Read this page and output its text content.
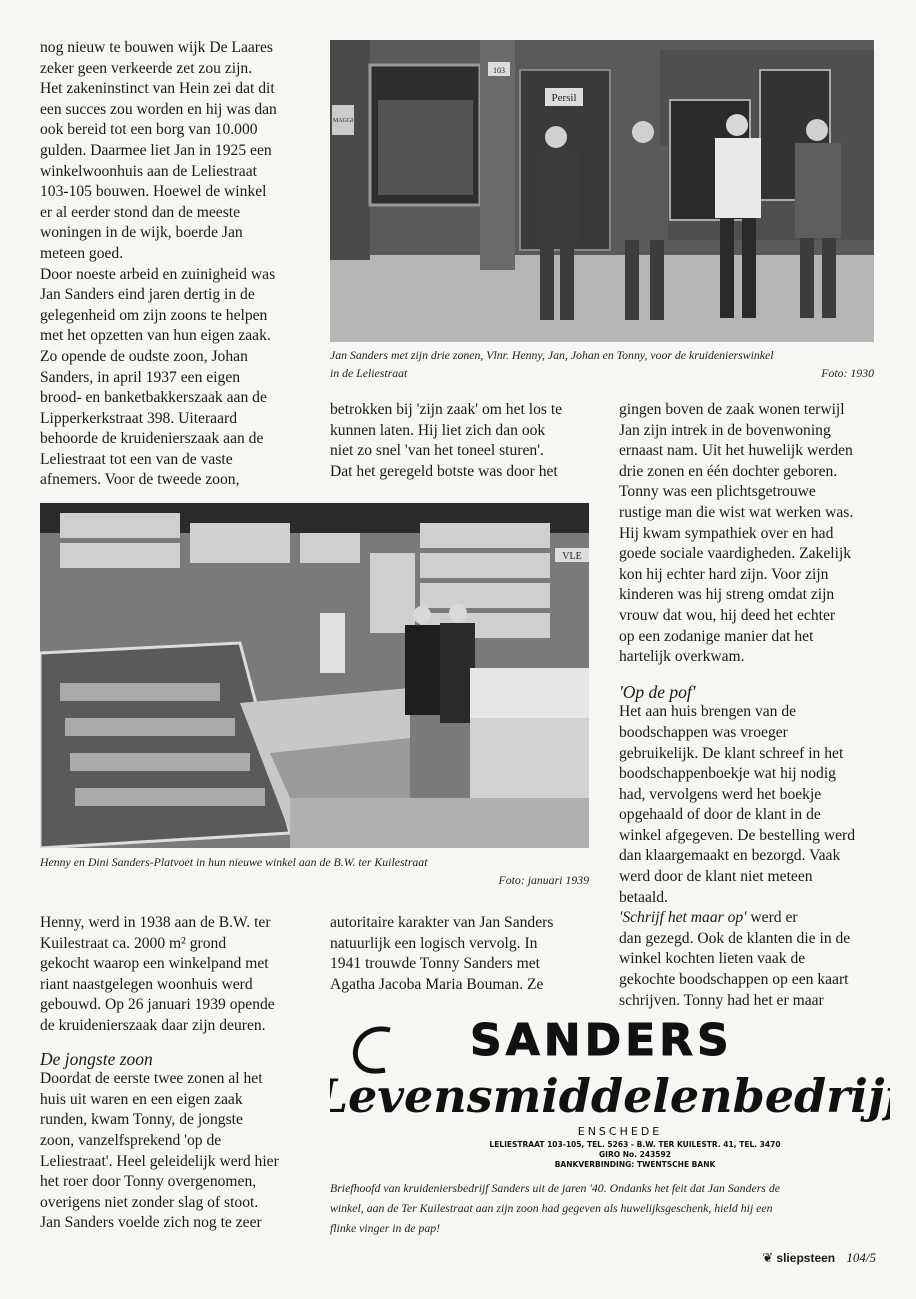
nog nieuw te bouwen wijk De Laares

zeker geen verkeerde zet zou zijn.

Het zakeninstinct van Hein zei dat dit

een succes zou worden en hij was dan

ook bereid tot een borg van 10.000

gulden. Daarmee liet Jan in 1925 een

winkelwoonhuis aan de Leliestraat

103-105 bouwen. Hoewel de winkel

er al eerder stond dan de meeste

woningen in de wijk, boerde Jan

meteen goed.

Door noeste arbeid en zuinigheid was

Jan Sanders eind jaren dertig in de

gelegenheid om zijn zoons te helpen

met het opzetten van hun eigen zaak.

Zo opende de oudste zoon, Johan

Sanders, in april 1937 een eigen

brood- en banketbakkerszaak aan de

Lipperkerkstraat 398. Uiteraard

behoorde de kruidenierszaak aan de

Leliestraat tot een van de vaste

afnemers. Voor de tweede zoon,

Persil
103
MAGGI
Jan Sanders met zijn drie zonen, Vlnr. Henny, Jan, Johan en Tonny, voor de kruidenierswinkel
in de Leliestraat	Foto: 1930

betrokken bij 'zijn zaak' om het los te

kunnen laten. Hij liet zich dan ook

niet zo snel 'van het toneel sturen'.

Dat het geregeld botste was door het

gingen boven de zaak wonen terwijl

Jan zijn intrek in de bovenwoning

ernaast nam. Uit het huwelijk werden

drie zonen en één dochter geboren.

Tonny was een plichtsgetrouwe

rustige man die wist wat werken was.

Hij kwam sympathiek over en had

goede sociale vaardigheden. Zakelijk

kon hij echter hard zijn. Voor zijn

kinderen was hij streng omdat zijn

vrouw dat wou, hij deed het echter

op een zodanige manier dat het

hartelijk overkwam.

'Op de pof'

Het aan huis brengen van de

boodschappen was vroeger

gebruikelijk. De klant schreef in het

boodschappenboekje wat hij nodig

had, vervolgens werd het boekje

opgehaald of door de klant in de

winkel afgegeven. De bestelling werd

dan klaargemaakt en bezorgd. Vaak

werd door de klant niet meteen

betaald.

'Schrijf het maar op' werd er

dan gezegd. Ook de klanten die in de

winkel kochten lieten vaak de

gekochte boodschappen op een kaart

schrijven. Tonny had het er maar

VLE
Henny en Dini Sanders-Platvoet in hun nieuwe winkel aan de B.W. ter Kuilestraat
Foto: januari 1939

Henny, werd in 1938 aan de B.W. ter

Kuilestraat ca. 2000 m² grond

gekocht waarop een winkelpand met

riant naastgelegen woonhuis werd

gebouwd. Op 26 januari 1939 opende

de kruidenierszaak daar zijn deuren.

De jongste zoon

Doordat de eerste twee zonen al het

huis uit waren en een eigen zaak

runden, kwam Tonny, de jongste

zoon, vanzelfsprekend 'op de

Leliestraat'. Heel geleidelijk werd hier

het roer door Tonny overgenomen,

overigens niet zonder slag of stoot.

Jan Sanders voelde zich nog te zeer

autoritaire karakter van Jan Sanders

natuurlijk een logisch vervolg. In

1941 trouwde Tonny Sanders met

Agatha Jacoba Maria Bouman. Ze

SANDERS
Levensmiddelenbedrijf
ENSCHEDE
LELIESTRAAT 103-105, TEL. 5263 - B.W. TER KUILESTR. 41, TEL. 3470
GIRO No. 243592
BANKVERBINDING: TWENTSCHE BANK
Briefhoofd van kruideniersbedrijf Sanders uit de jaren '40. Ondanks het feit dat Jan Sanders de
winkel, aan de Ter Kuilestraat aan zijn zoon had gegeven als huwelijksgeschenk, hield hij een
flinke vinger in de pap!
❦ sliepsteen 104/5
